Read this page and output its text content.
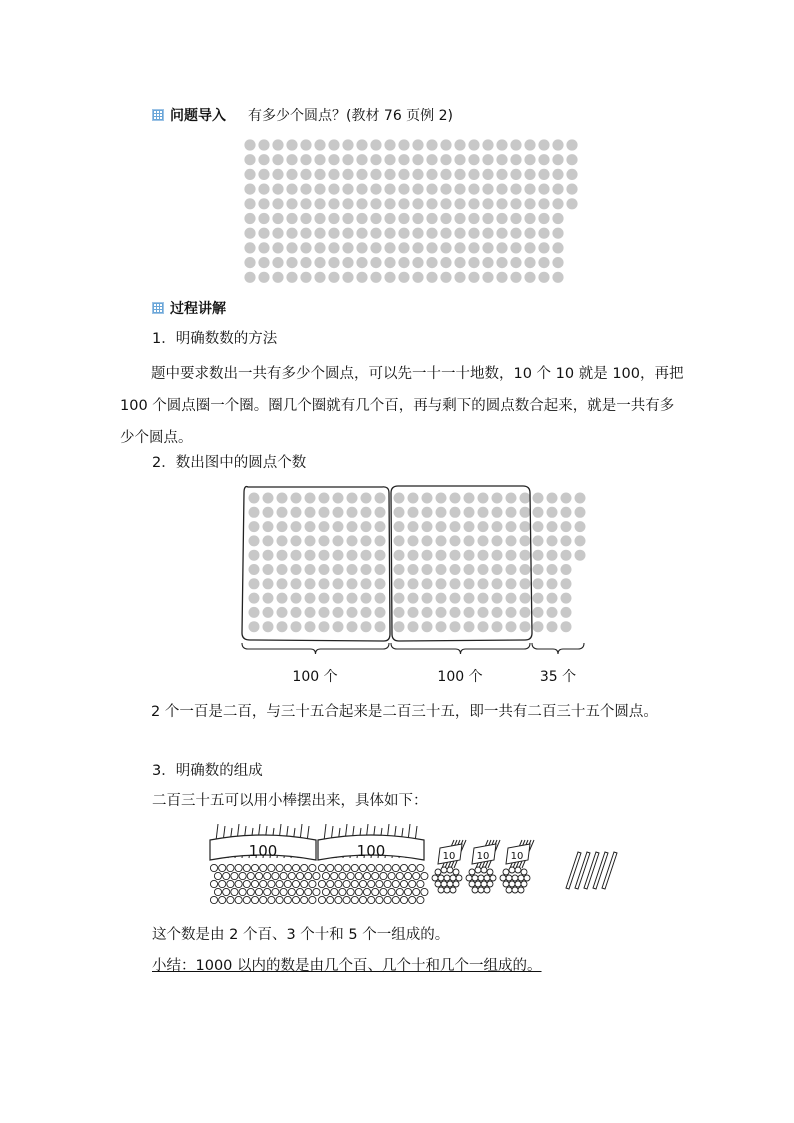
问题导入 有多少个圆点？(教材 76 页例 2)
过程讲解
1．明确数数的方法
题中要求数出一共有多少个圆点，可以先一十一十地数，10 个 10 就是 100，再把 100 个圆点圈一个圈。圈几个圈就有几个百，再与剩下的圆点数合起来，就是一共有多少个圆点。
2．数出图中的圆点个数
100 个	100 个	35 个
2 个一百是二百，与三十五合起来是二百三十五，即一共有二百三十五个圆点。
3．明确数的组成
二百三十五可以用小棒摆出来，具体如下：
100	100	10 10 10
这个数是由 2 个百、3 个十和 5 个一组成的。
小结：1000 以内的数是由几个百、几个十和几个一组成的。
